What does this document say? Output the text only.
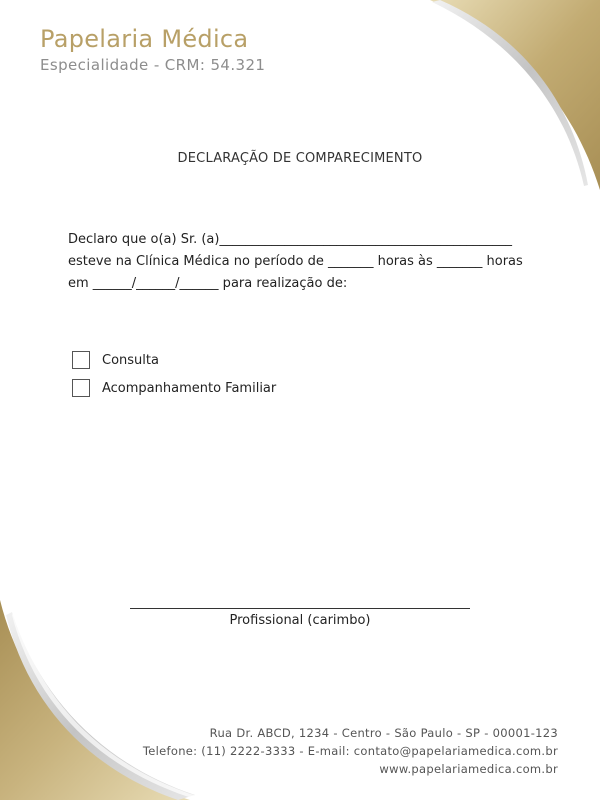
Papelaria Médica
Especialidade - CRM: 54.321
DECLARAÇÃO DE COMPARECIMENTO
Declaro que o(a) Sr. (a)_____________________________________________
esteve na Clínica Médica no período de _______ horas às _______ horas
em ______/______/______ para realização de:
Consulta
Acompanhamento Familiar
Profissional (carimbo)
Rua Dr. ABCD, 1234 - Centro - São Paulo - SP - 00001-123
Telefone: (11) 2222-3333 - E-mail: contato@papelariamedica.com.br
www.papelariamedica.com.br
